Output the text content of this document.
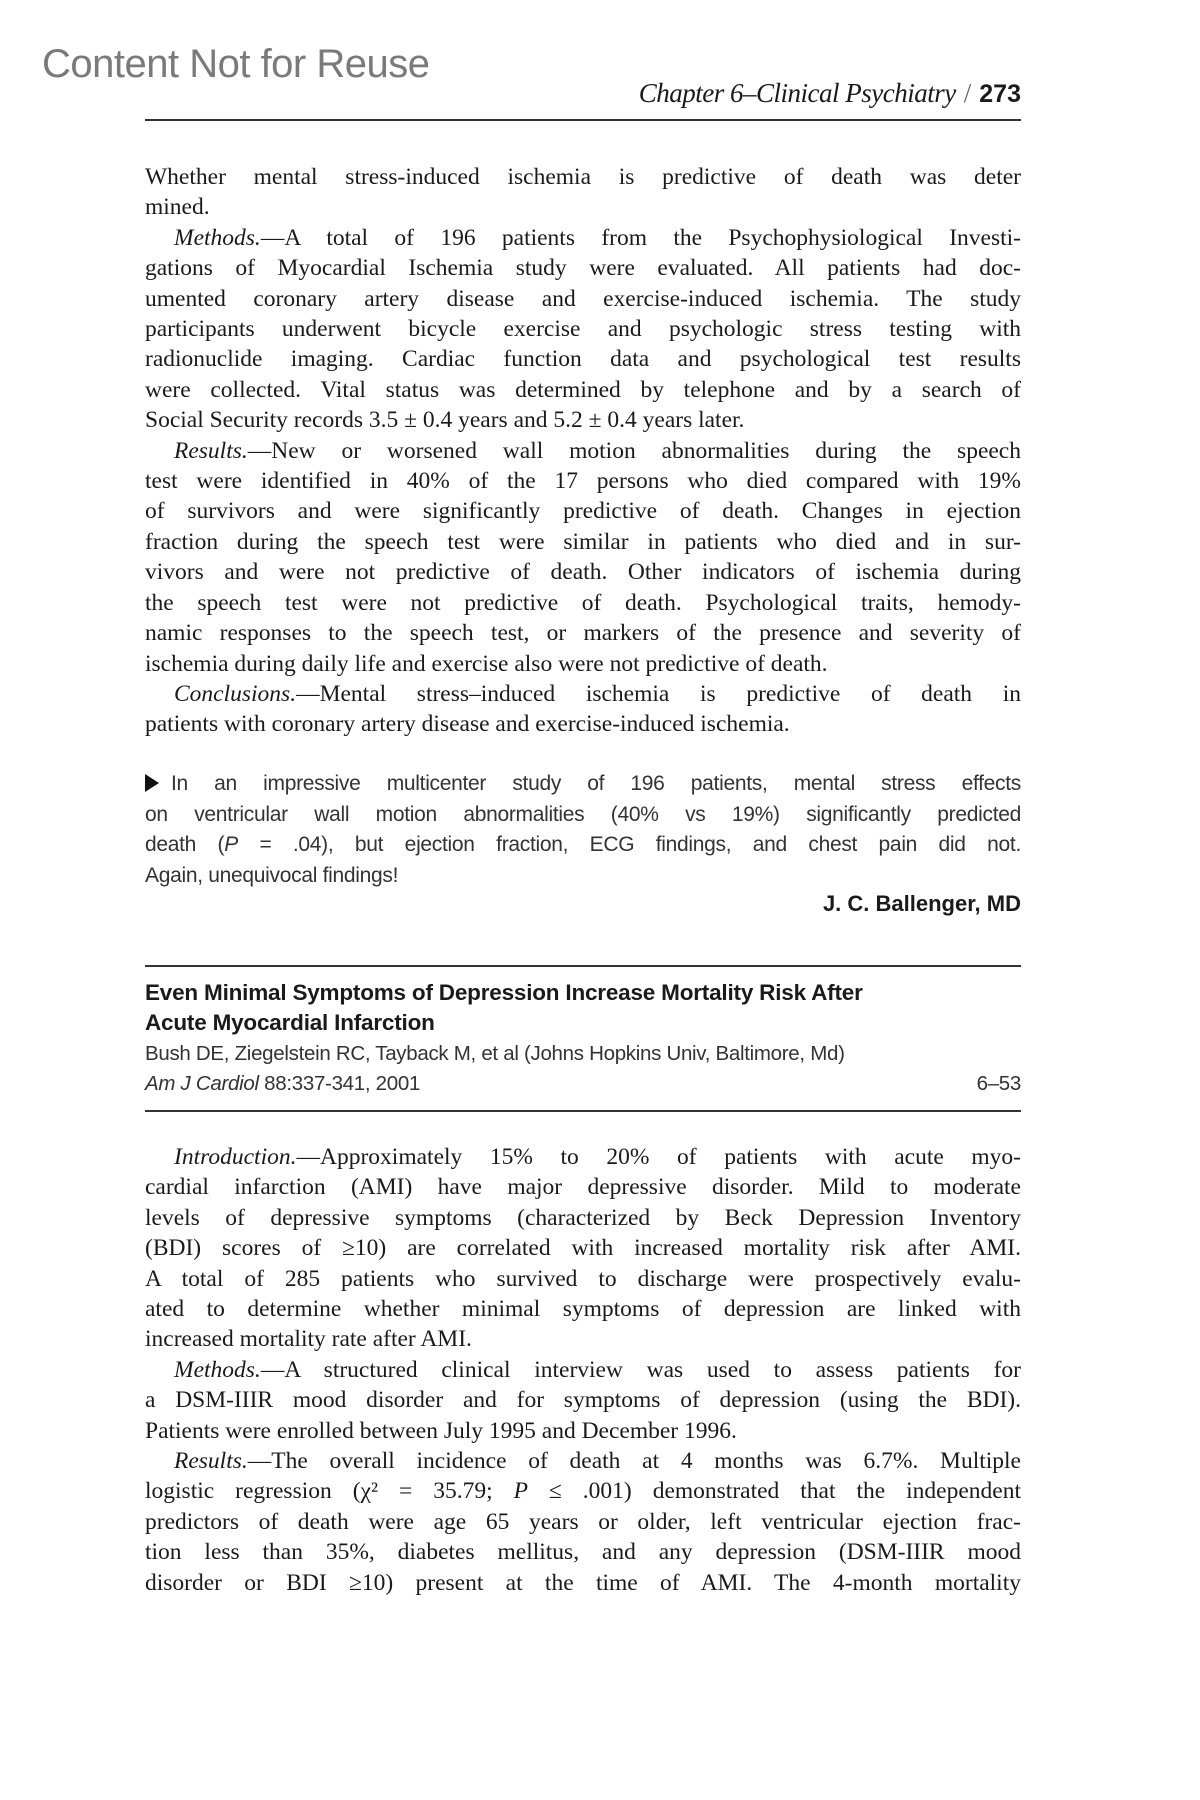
Content Not for Reuse
Chapter 6–Clinical Psychiatry / 273
Whether mental stress-induced ischemia is predictive of death was deter
mined.
Methods.—A total of 196 patients from the Psychophysiological Investi-
gations of Myocardial Ischemia study were evaluated. All patients had doc-
umented coronary artery disease and exercise-induced ischemia. The study
participants underwent bicycle exercise and psychologic stress testing with
radionuclide imaging. Cardiac function data and psychological test results
were collected. Vital status was determined by telephone and by a search of
Social Security records 3.5 ± 0.4 years and 5.2 ± 0.4 years later.
Results.—New or worsened wall motion abnormalities during the speech
test were identified in 40% of the 17 persons who died compared with 19%
of survivors and were significantly predictive of death. Changes in ejection
fraction during the speech test were similar in patients who died and in sur-
vivors and were not predictive of death. Other indicators of ischemia during
the speech test were not predictive of death. Psychological traits, hemody-
namic responses to the speech test, or markers of the presence and severity of
ischemia during daily life and exercise also were not predictive of death.
Conclusions.—Mental stress–induced ischemia is predictive of death in
patients with coronary artery disease and exercise-induced ischemia.
In an impressive multicenter study of 196 patients, mental stress effects
on ventricular wall motion abnormalities (40% vs 19%) significantly predicted
death (P = .04), but ejection fraction, ECG findings, and chest pain did not.
Again, unequivocal findings!
J. C. Ballenger, MD
Even Minimal Symptoms of Depression Increase Mortality Risk After
Acute Myocardial Infarction
Bush DE, Ziegelstein RC, Tayback M, et al (Johns Hopkins Univ, Baltimore, Md)
Am J Cardiol 88:337-341, 2001	6–53
Introduction.—Approximately 15% to 20% of patients with acute myo-
cardial infarction (AMI) have major depressive disorder. Mild to moderate
levels of depressive symptoms (characterized by Beck Depression Inventory
(BDI) scores of ≥10) are correlated with increased mortality risk after AMI.
A total of 285 patients who survived to discharge were prospectively evalu-
ated to determine whether minimal symptoms of depression are linked with
increased mortality rate after AMI.
Methods.—A structured clinical interview was used to assess patients for
a DSM-IIIR mood disorder and for symptoms of depression (using the BDI).
Patients were enrolled between July 1995 and December 1996.
Results.—The overall incidence of death at 4 months was 6.7%. Multiple
logistic regression (χ² = 35.79; P ≤ .001) demonstrated that the independent
predictors of death were age 65 years or older, left ventricular ejection frac-
tion less than 35%, diabetes mellitus, and any depression (DSM-IIIR mood
disorder or BDI ≥10) present at the time of AMI. The 4-month mortality
